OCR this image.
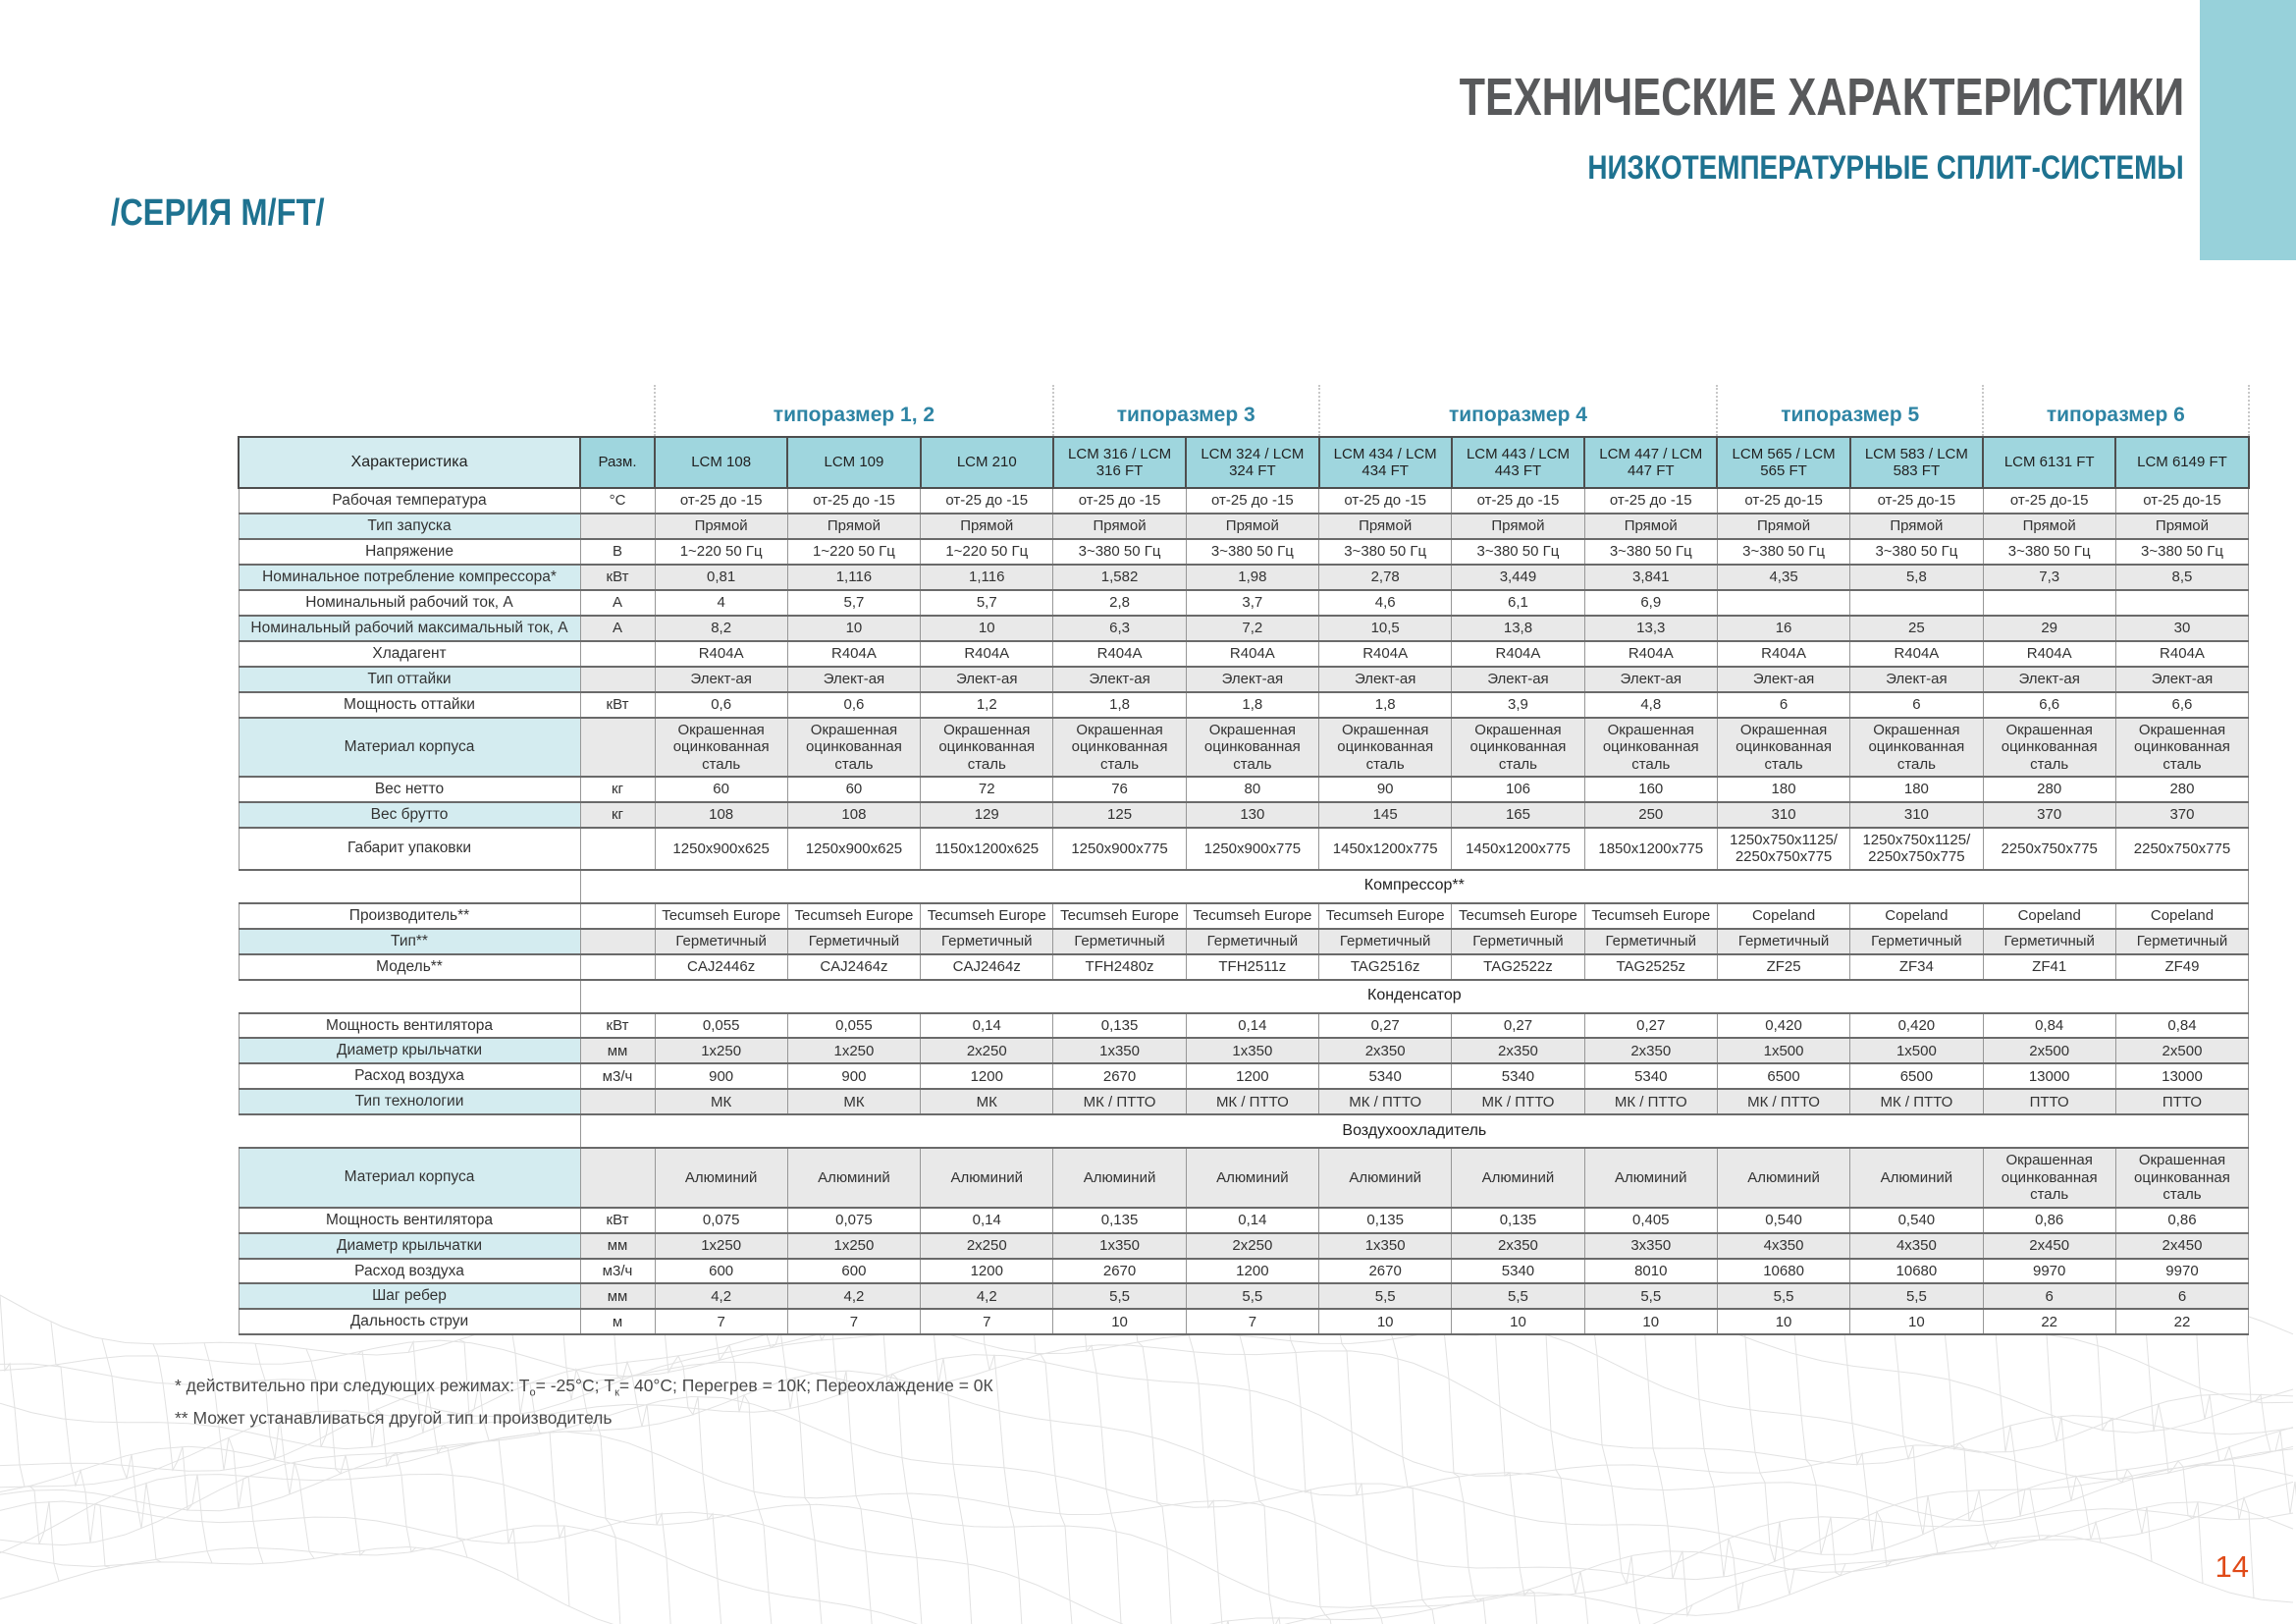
ТЕХНИЧЕСКИЕ ХАРАКТЕРИСТИКИ
НИЗКОТЕМПЕРАТУРНЫЕ СПЛИТ-СИСТЕМЫ
/СЕРИЯ M/FT/
		типоразмер 1, 2			типоразмер 3		типоразмер 4			типоразмер 5		типоразмер 6	
Характеристика	Разм.	LCM 108	LCM 109	LCM 210	LCM 316 / LCM 316 FT	LCM 324 / LCM 324 FT	LCM 434 / LCM 434 FT	LCM 443 / LCM 443 FT	LCM 447 / LCM 447 FT	LCM 565 / LCM 565 FT	LCM 583 / LCM 583 FT	LCM 6131 FT	LCM 6149 FT
Рабочая температура	°С	от-25 до -15	от-25 до -15	от-25 до -15	от-25 до -15	от-25 до -15	от-25 до -15	от-25 до -15	от-25 до -15	от-25 до-15	от-25 до-15	от-25 до-15	от-25 до-15
Тип запуска		Прямой	Прямой	Прямой	Прямой	Прямой	Прямой	Прямой	Прямой	Прямой	Прямой	Прямой	Прямой
Напряжение	В	1~220 50 Гц	1~220 50 Гц	1~220 50 Гц	3~380 50 Гц	3~380 50 Гц	3~380 50 Гц	3~380 50 Гц	3~380 50 Гц	3~380 50 Гц	3~380 50 Гц	3~380 50 Гц	3~380 50 Гц
Номинальное потребление компрессора*	кВт	0,81	1,116	1,116	1,582	1,98	2,78	3,449	3,841	4,35	5,8	7,3	8,5
Номинальный рабочий ток, А	А	4	5,7	5,7	2,8	3,7	4,6	6,1	6,9				
Номинальный рабочий максимальный ток, А	А	8,2	10	10	6,3	7,2	10,5	13,8	13,3	16	25	29	30
Хладагент		R404A	R404A	R404A	R404A	R404A	R404A	R404A	R404A	R404A	R404A	R404A	R404A
Тип оттайки		Элект-ая	Элект-ая	Элект-ая	Элект-ая	Элект-ая	Элект-ая	Элект-ая	Элект-ая	Элект-ая	Элект-ая	Элект-ая	Элект-ая
Мощность оттайки	кВт	0,6	0,6	1,2	1,8	1,8	1,8	3,9	4,8	6	6	6,6	6,6
Материал корпуса		Окрашенная оцинкованная сталь	Окрашенная оцинкованная сталь	Окрашенная оцинкованная сталь	Окрашенная оцинкованная сталь	Окрашенная оцинкованная сталь	Окрашенная оцинкованная сталь	Окрашенная оцинкованная сталь	Окрашенная оцинкованная сталь	Окрашенная оцинкованная сталь	Окрашенная оцинкованная сталь	Окрашенная оцинкованная сталь	Окрашенная оцинкованная сталь
Вес нетто	кг	60	60	72	76	80	90	106	160	180	180	280	280
Вес брутто	кг	108	108	129	125	130	145	165	250	310	310	370	370
Габарит упаковки		1250x900x625	1250x900x625	1150x1200x625	1250x900x775	1250x900x775	1450x1200x775	1450x1200x775	1850x1200x775	1250x750x1125/ 2250x750x775	1250x750x1125/ 2250x750x775	2250x750x775	2250x750x775
	Компрессор**												
Производитель**		Tecumseh Europe	Tecumseh Europe	Tecumseh Europe	Tecumseh Europe	Tecumseh Europe	Tecumseh Europe	Tecumseh Europe	Tecumseh Europe	Copeland	Copeland	Copeland	Copeland
Тип**		Герметичный	Герметичный	Герметичный	Герметичный	Герметичный	Герметичный	Герметичный	Герметичный	Герметичный	Герметичный	Герметичный	Герметичный
Модель**		CAJ2446z	CAJ2464z	CAJ2464z	TFH2480z	TFH2511z	TAG2516z	TAG2522z	TAG2525z	ZF25	ZF34	ZF41	ZF49
	Конденсатор												
Мощность вентилятора	кВт	0,055	0,055	0,14	0,135	0,14	0,27	0,27	0,27	0,420	0,420	0,84	0,84
Диаметр крыльчатки	мм	1x250	1x250	2x250	1x350	1x350	2x350	2x350	2x350	1x500	1x500	2x500	2x500
Расход воздуха	м3/ч	900	900	1200	2670	1200	5340	5340	5340	6500	6500	13000	13000
Тип технологии		МК	МК	МК	МК / ПТТО	МК / ПТТО	МК / ПТТО	МК / ПТТО	МК / ПТТО	МК / ПТТО	МК / ПТТО	ПТТО	ПТТО
	Воздухоохладитель												
Материал корпуса		Алюминий	Алюминий	Алюминий	Алюминий	Алюминий	Алюминий	Алюминий	Алюминий	Алюминий	Алюминий	Окрашенная оцинкованная сталь	Окрашенная оцинкованная сталь
Мощность вентилятора	кВт	0,075	0,075	0,14	0,135	0,14	0,135	0,135	0,405	0,540	0,540	0,86	0,86
Диаметр крыльчатки	мм	1x250	1x250	2x250	1x350	2x250	1x350	2x350	3x350	4x350	4x350	2x450	2x450
Расход воздуха	м3/ч	600	600	1200	2670	1200	2670	5340	8010	10680	10680	9970	9970
Шаг ребер	мм	4,2	4,2	4,2	5,5	5,5	5,5	5,5	5,5	5,5	5,5	6	6
Дальность струи	м	7	7	7	10	7	10	10	10	10	10	22	22
* действительно при следующих режимах: $T_о= -25^\circ С$; $T_к= 40^\circ С$; Перегрев = 10К; Переохлаждение = 0К
** Может устанавливаться другой тип и производитель
14
